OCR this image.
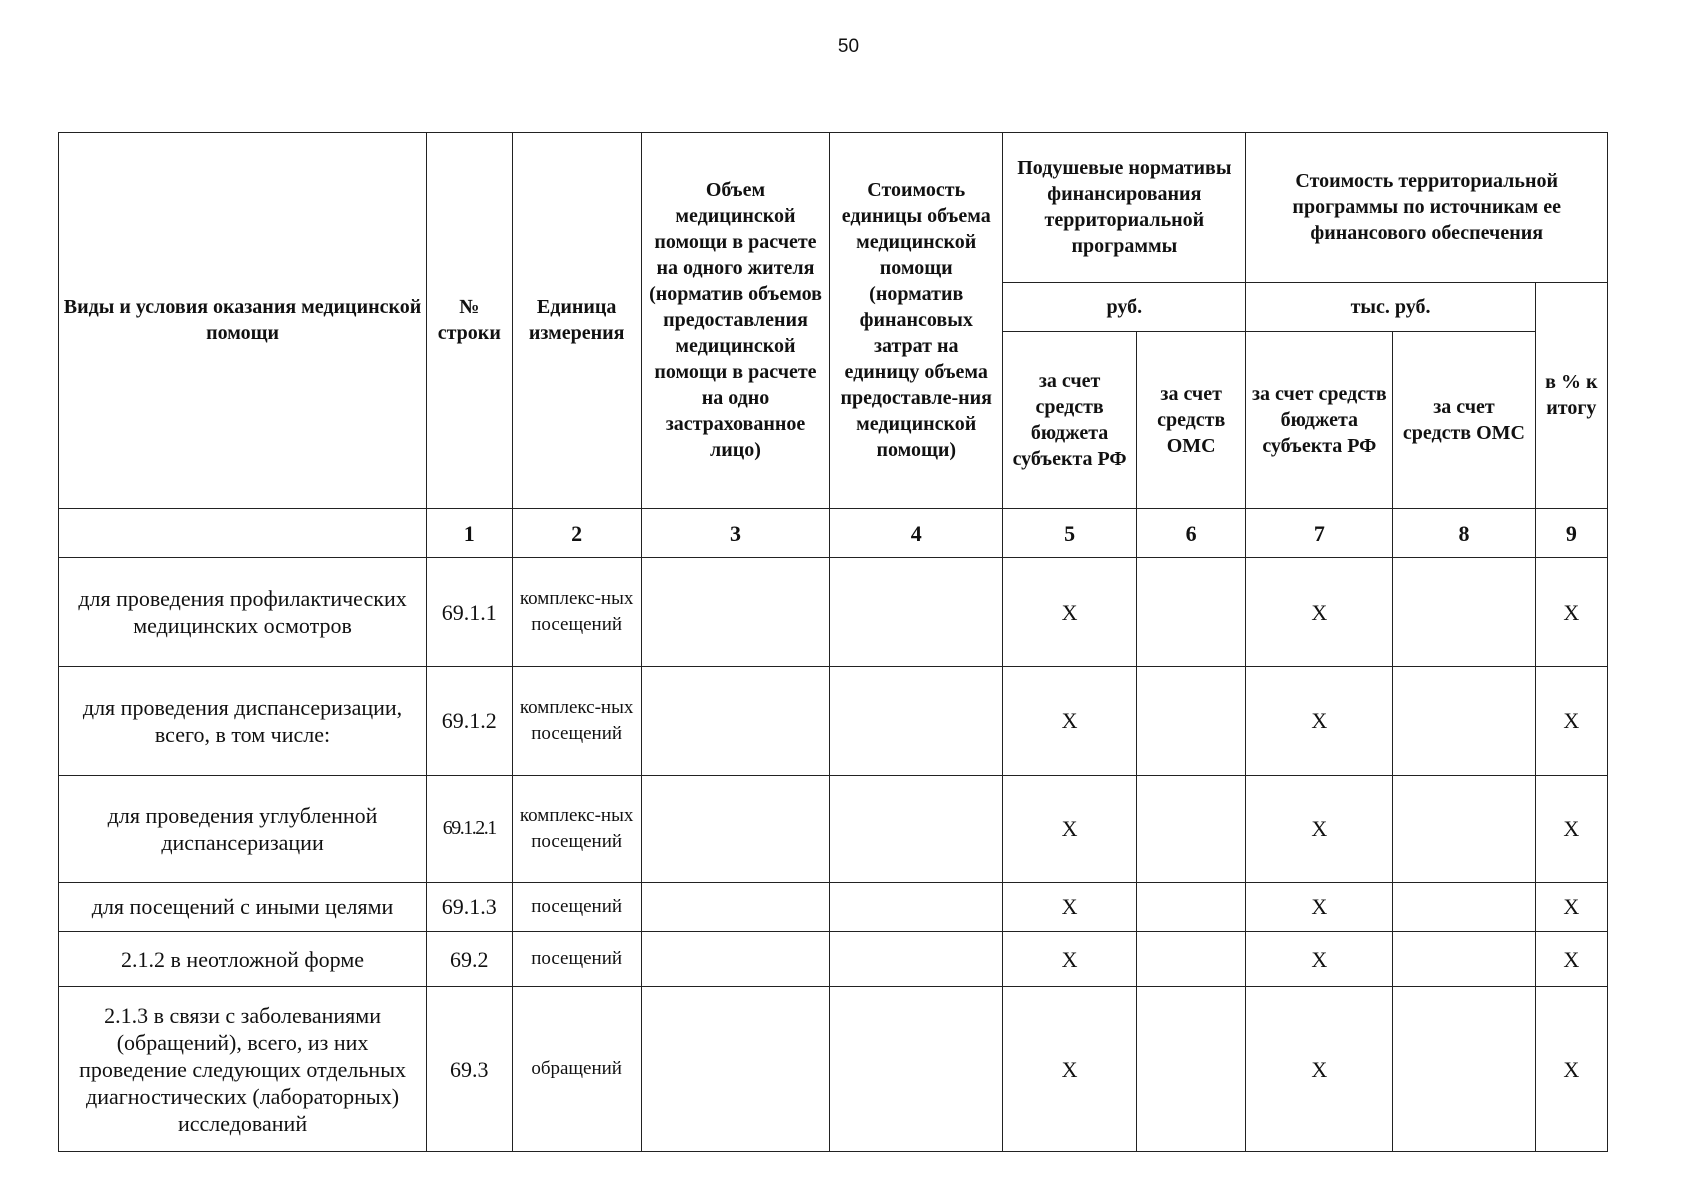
50
Виды и условия оказания медицинской помощи	№ строки	Единица измерения	Объем медицинской помощи в расчете на одного жителя (норматив объемов предоставления медицинской помощи в расчете на одно застрахованное лицо)	Стоимость единицы объема медицинской помощи (норматив финансовых затрат на единицу объема предоставле-ния медицинской помощи)	Подушевые нормативы финансирования территориальной программы		Стоимость территориальной программы по источникам ее финансового обеспечения		
					руб.		тыс. руб.		в % к итогу
					за счет средств бюджета субъекта РФ	за счет средств ОМС	за счет средств бюджета субъекта РФ	за счет средств ОМС	
	1	2	3	4	5	6	7	8	9
для проведения профилактических медицинских осмотров	69.1.1	комплекс-ных посещений			Х		Х		Х
для проведения диспансеризации, всего, в том числе:	69.1.2	комплекс-ных посещений			Х		Х		Х
для проведения углубленной диспансеризации	69.1.2.1	комплекс-ных посещений			Х		Х		Х
для посещений с иными целями	69.1.3	посещений			Х		Х		Х
2.1.2 в неотложной форме	69.2	посещений			Х		Х		Х
2.1.3 в связи с заболеваниями (обращений), всего, из них проведение следующих отдельных диагностических (лабораторных) исследований	69.3	обращений			Х		Х		Х
